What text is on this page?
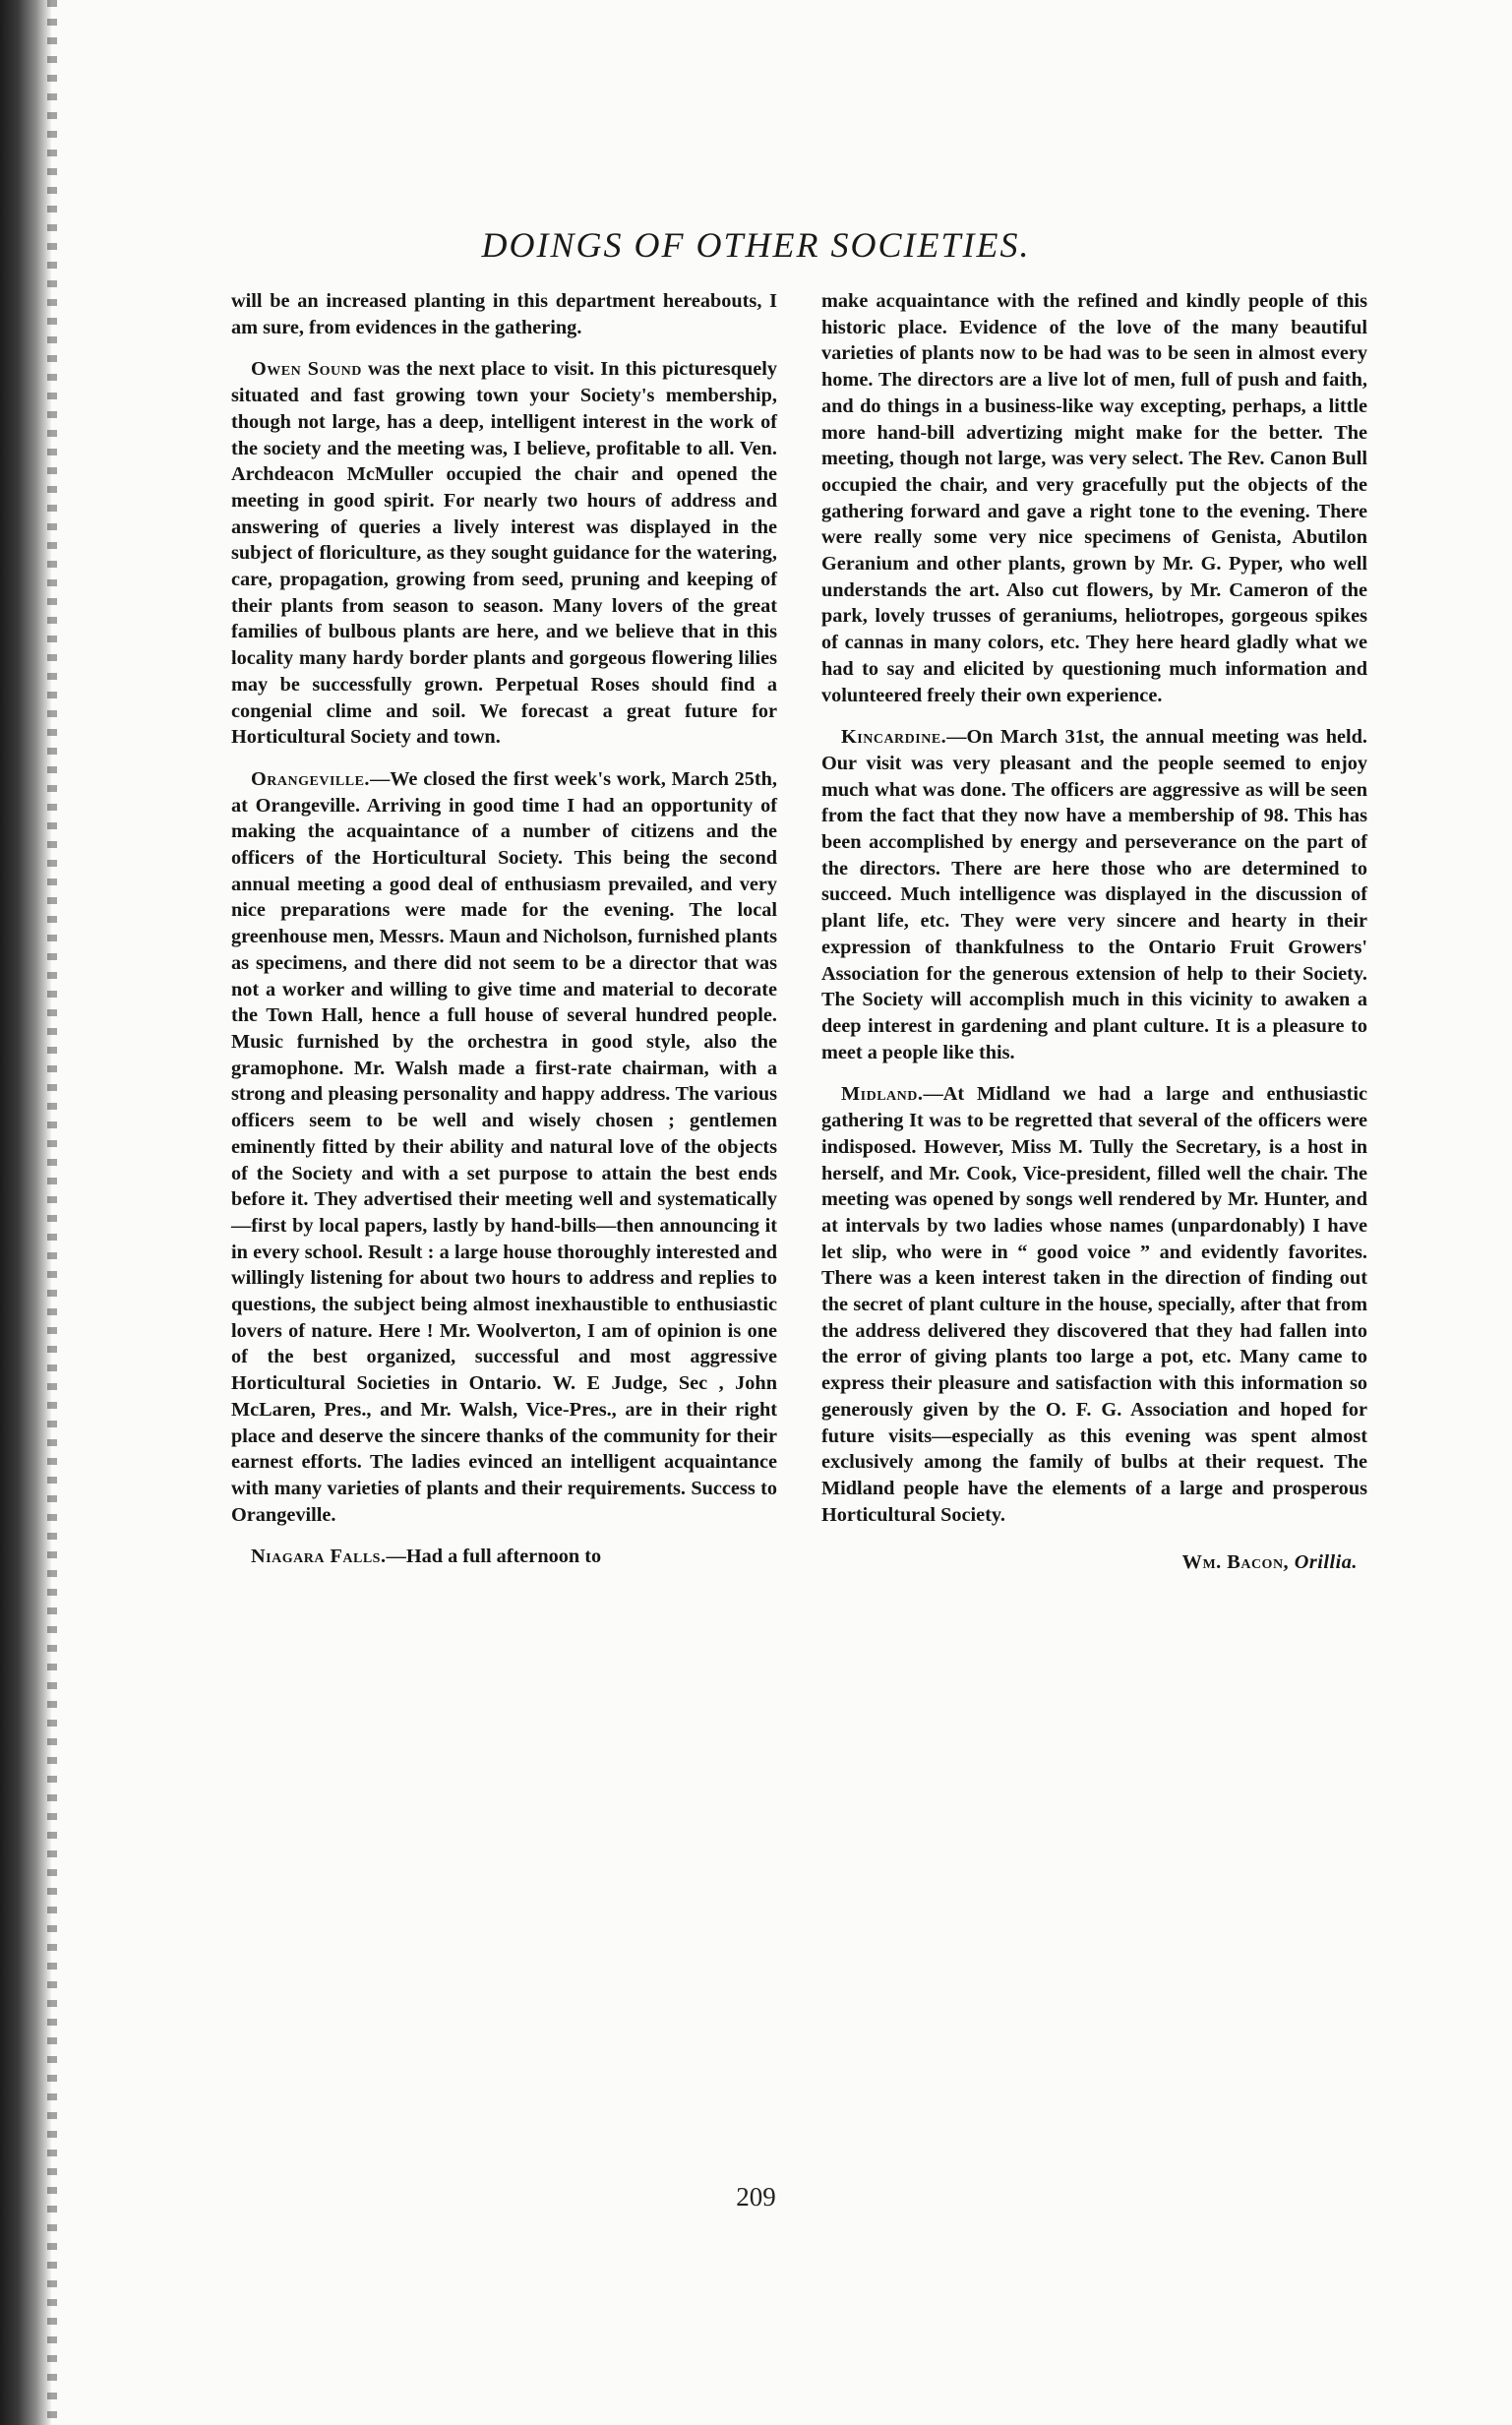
DOINGS OF OTHER SOCIETIES.

will be an increased planting in this department hereabouts, I am sure, from evidences in the gathering.

Owen Sound was the next place to visit. In this picturesquely situated and fast growing town your Society's membership, though not large, has a deep, intelligent interest in the work of the society and the meeting was, I believe, profitable to all. Ven. Archdeacon McMuller occupied the chair and opened the meeting in good spirit. For nearly two hours of address and answering of queries a lively interest was displayed in the subject of floriculture, as they sought guidance for the watering, care, propagation, growing from seed, pruning and keeping of their plants from season to season. Many lovers of the great families of bulbous plants are here, and we believe that in this locality many hardy border plants and gorgeous flowering lilies may be successfully grown. Perpetual Roses should find a congenial clime and soil. We forecast a great future for Horticultural Society and town.

Orangeville.—We closed the first week's work, March 25th, at Orangeville. Arriving in good time I had an opportunity of making the acquaintance of a number of citizens and the officers of the Horticultural Society. This being the second annual meeting a good deal of enthusiasm prevailed, and very nice preparations were made for the evening. The local greenhouse men, Messrs. Maun and Nicholson, furnished plants as specimens, and there did not seem to be a director that was not a worker and willing to give time and material to decorate the Town Hall, hence a full house of several hundred people. Music furnished by the orchestra in good style, also the gramophone. Mr. Walsh made a first-rate chairman, with a strong and pleasing personality and happy address. The various officers seem to be well and wisely chosen ; gentlemen eminently fitted by their ability and natural love of the objects of the Society and with a set purpose to attain the best ends before it. They advertised their meeting well and systematically—first by local papers, lastly by hand-bills—then announcing it in every school. Result : a large house thoroughly interested and willingly listening for about two hours to address and replies to questions, the subject being almost inexhaustible to enthusiastic lovers of nature. Here ! Mr. Woolverton, I am of opinion is one of the best organized, successful and most aggressive Horticultural Societies in Ontario. W. E Judge, Sec , John McLaren, Pres., and Mr. Walsh, Vice-Pres., are in their right place and deserve the sincere thanks of the community for their earnest efforts. The ladies evinced an intelligent acquaintance with many varieties of plants and their requirements. Success to Orangeville.

Niagara Falls.—Had a full afternoon to

make acquaintance with the refined and kindly people of this historic place. Evidence of the love of the many beautiful varieties of plants now to be had was to be seen in almost every home. The directors are a live lot of men, full of push and faith, and do things in a business-like way excepting, perhaps, a little more hand-bill advertizing might make for the better. The meeting, though not large, was very select. The Rev. Canon Bull occupied the chair, and very gracefully put the objects of the gathering forward and gave a right tone to the evening. There were really some very nice specimens of Genista, Abutilon Geranium and other plants, grown by Mr. G. Pyper, who well understands the art. Also cut flowers, by Mr. Cameron of the park, lovely trusses of geraniums, heliotropes, gorgeous spikes of cannas in many colors, etc. They here heard gladly what we had to say and elicited by questioning much information and volunteered freely their own experience.

Kincardine.—On March 31st, the annual meeting was held. Our visit was very pleasant and the people seemed to enjoy much what was done. The officers are aggressive as will be seen from the fact that they now have a membership of 98. This has been accomplished by energy and perseverance on the part of the directors. There are here those who are determined to succeed. Much intelligence was displayed in the discussion of plant life, etc. They were very sincere and hearty in their expression of thankfulness to the Ontario Fruit Growers' Association for the generous extension of help to their Society. The Society will accomplish much in this vicinity to awaken a deep interest in gardening and plant culture. It is a pleasure to meet a people like this.

Midland.—At Midland we had a large and enthusiastic gathering It was to be regretted that several of the officers were indisposed. However, Miss M. Tully the Secretary, is a host in herself, and Mr. Cook, Vice-president, filled well the chair. The meeting was opened by songs well rendered by Mr. Hunter, and at intervals by two ladies whose names (unpardonably) I have let slip, who were in “ good voice ” and evidently favorites. There was a keen interest taken in the direction of finding out the secret of plant culture in the house, specially, after that from the address delivered they discovered that they had fallen into the error of giving plants too large a pot, etc. Many came to express their pleasure and satisfaction with this information so generously given by the O. F. G. Association and hoped for future visits—especially as this evening was spent almost exclusively among the family of bulbs at their request. The Midland people have the elements of a large and prosperous Horticultural Society.

Wm. Bacon, Orillia.
209
